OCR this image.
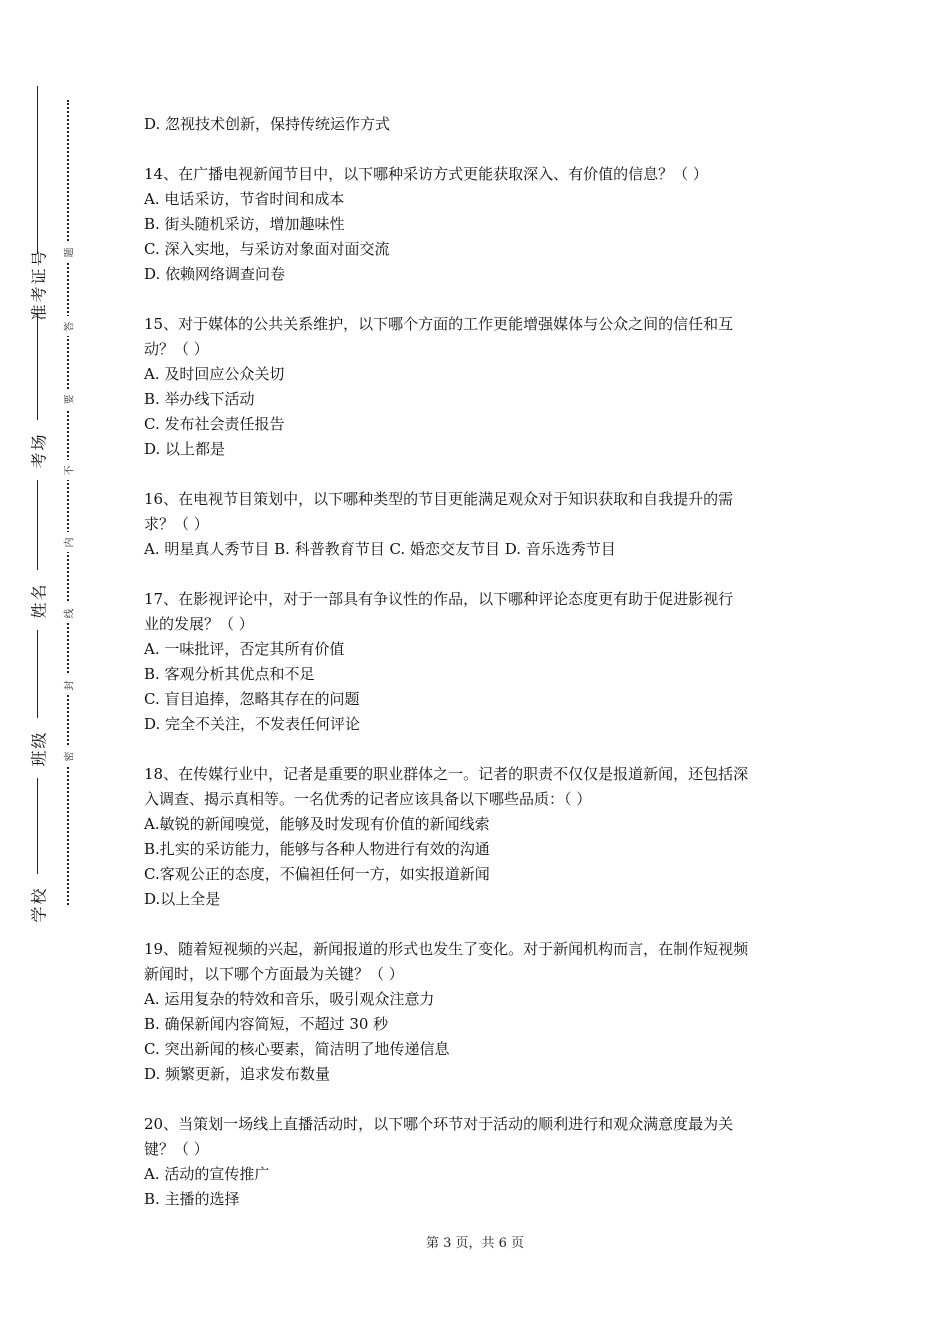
准考证号
考场
姓名
班级
学校
题
答
要
不
内
线
封
密
D. 忽视技术创新，保持传统运作方式
14、在广播电视新闻节目中，以下哪种采访方式更能获取深入、有价值的信息？（ ）
A. 电话采访，节省时间和成本
B. 街头随机采访，增加趣味性
C. 深入实地，与采访对象面对面交流
D. 依赖网络调查问卷
15、对于媒体的公共关系维护，以下哪个方面的工作更能增强媒体与公众之间的信任和互
动？（ ）
A. 及时回应公众关切
B. 举办线下活动
C. 发布社会责任报告
D. 以上都是
16、在电视节目策划中，以下哪种类型的节目更能满足观众对于知识获取和自我提升的需
求？（ ）
A. 明星真人秀节目 B. 科普教育节目 C. 婚恋交友节目 D. 音乐选秀节目
17、在影视评论中，对于一部具有争议性的作品，以下哪种评论态度更有助于促进影视行
业的发展？（ ）
A. 一味批评，否定其所有价值
B. 客观分析其优点和不足
C. 盲目追捧，忽略其存在的问题
D. 完全不关注，不发表任何评论
18、在传媒行业中，记者是重要的职业群体之一。记者的职责不仅仅是报道新闻，还包括深
入调查、揭示真相等。一名优秀的记者应该具备以下哪些品质：（ ）
A.敏锐的新闻嗅觉，能够及时发现有价值的新闻线索
B.扎实的采访能力，能够与各种人物进行有效的沟通
C.客观公正的态度，不偏袒任何一方，如实报道新闻
D.以上全是
19、随着短视频的兴起，新闻报道的形式也发生了变化。对于新闻机构而言，在制作短视频
新闻时，以下哪个方面最为关键？（ ）
A. 运用复杂的特效和音乐，吸引观众注意力
B. 确保新闻内容简短，不超过 30 秒
C. 突出新闻的核心要素，简洁明了地传递信息
D. 频繁更新，追求发布数量
20、当策划一场线上直播活动时，以下哪个环节对于活动的顺利进行和观众满意度最为关
键？（ ）
A. 活动的宣传推广
B. 主播的选择
第 3 页，共 6 页
